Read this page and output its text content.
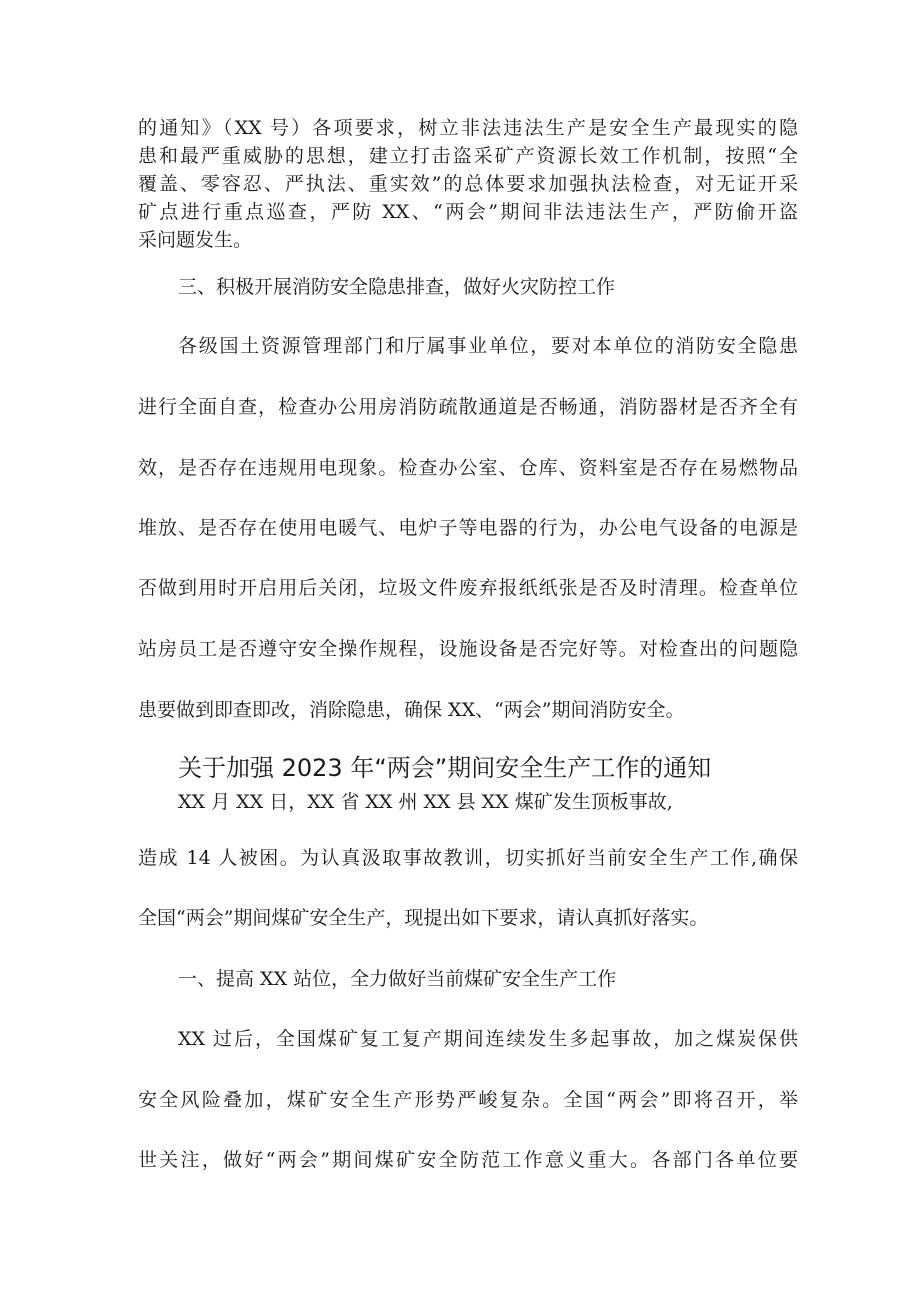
的通知》（XX 号）各项要求，树立非法违法生产是安全生产最现实的隐
患和最严重威胁的思想，建立打击盗采矿产资源长效工作机制，按照“全
覆盖、零容忍、严执法、重实效”的总体要求加强执法检查，对无证开采
矿点进行重点巡查，严防 XX、“两会”期间非法违法生产，严防偷开盗
采问题发生。
三、积极开展消防安全隐患排查，做好火灾防控工作
各级国土资源管理部门和厅属事业单位，要对本单位的消防安全隐患
进行全面自查，检查办公用房消防疏散通道是否畅通，消防器材是否齐全有
效，是否存在违规用电现象。检查办公室、仓库、资料室是否存在易燃物品
堆放、是否存在使用电暖气、电炉子等电器的行为，办公电气设备的电源是
否做到用时开启用后关闭，垃圾文件废弃报纸纸张是否及时清理。检查单位
站房员工是否遵守安全操作规程，设施设备是否完好等。对检查出的问题隐
患要做到即查即改，消除隐患，确保 XX、“两会”期间消防安全。
关于加强 2023 年“两会”期间安全生产工作的通知
XX 月 XX 日，XX 省 XX 州 XX 县 XX 煤矿发生顶板事故,
造成 14 人被困。为认真汲取事故教训，切实抓好当前安全生产工作,确保
全国“两会”期间煤矿安全生产，现提出如下要求，请认真抓好落实。
一、提高 XX 站位，全力做好当前煤矿安全生产工作
XX 过后，全国煤矿复工复产期间连续发生多起事故，加之煤炭保供
安全风险叠加，煤矿安全生产形势严峻复杂。全国“两会”即将召开，举
世关注，做好“两会”期间煤矿安全防范工作意义重大。各部门各单位要
